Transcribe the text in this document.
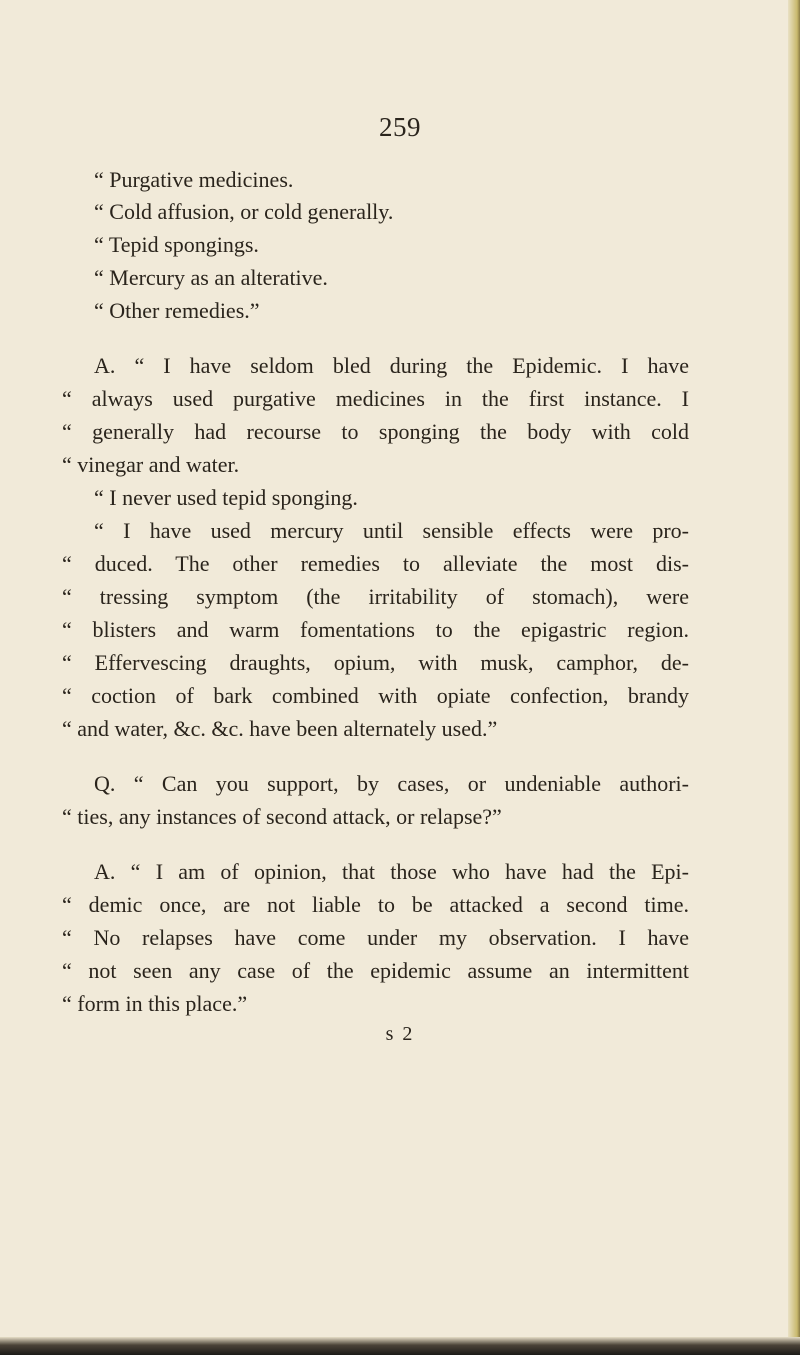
259
“ Purgative medicines.
“ Cold affusion, or cold generally.
“ Tepid spongings.
“ Mercury as an alterative.
“ Other remedies.”
A. “ I have seldom bled during the Epidemic. I have
“ always used purgative medicines in the first instance. I
“ generally had recourse to sponging the body with cold
“ vinegar and water.
“ I never used tepid sponging.
“ I have used mercury until sensible effects were pro-
“ duced. The other remedies to alleviate the most dis-
“ tressing symptom (the irritability of stomach), were
“ blisters and warm fomentations to the epigastric region.
“ Effervescing draughts, opium, with musk, camphor, de-
“ coction of bark combined with opiate confection, brandy
“ and water, &c. &c. have been alternately used.”
Q. “ Can you support, by cases, or undeniable authori-
“ ties, any instances of second attack, or relapse?”
A. “ I am of opinion, that those who have had the Epi-
“ demic once, are not liable to be attacked a second time.
“ No relapses have come under my observation. I have
“ not seen any case of the epidemic assume an intermittent
“ form in this place.”
s 2
